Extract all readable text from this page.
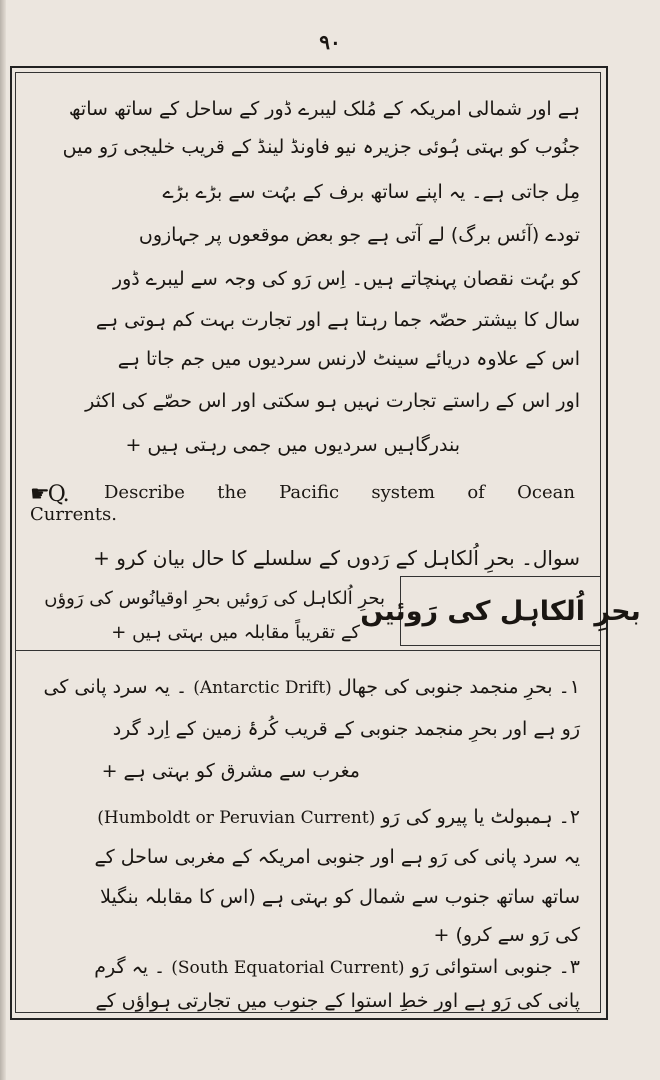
۹۰
ہے اور شمالی امریکہ کے مُلک لیبرے ڈور کے ساحل کے ساتھ ساتھ
جنُوب کو بہتی ہُوئی جزیرہ نیو فاونڈ لینڈ کے قریب خلیجی رَو میں
مِل جاتی ہے۔ یہ اپنے ساتھ برف کے بہُت سے بڑے بڑے
تودے (آئس برگ) لے آتی ہے جو بعض موقعوں پر جہازوں
کو بہُت نقصان پہنچاتے ہیں۔ اِس رَو کی وجہ سے لیبرے ڈور
سال کا بیشتر حصّہ جما رہتا ہے اور تجارت بہت کم ہوتی ہے
اس کے علاوہ دریائے سینٹ لارنس سردیوں میں جم جاتا ہے
اور اس کے راستے تجارت نہیں ہو سکتی اور اس حصّے کی اکثر
بندرگاہیں سردیوں میں جمی رہتی ہیں +
☛Q. Describe the Pacific system of Ocean
Currents.
سوال۔ بحرِ اُلکاہل کے رَدوں کے سلسلے کا حال بیان کرو +
بحرِ اُلکاہل کی رَوئیں
بحرِ اُلکاہل کی رَوئیں بحرِ اوقیانُوس کی رَوؤں
کے تقریباً مقابلہ میں بہتی ہیں +
۱۔ بحرِ منجمد جنوبی کی جھال (Antarctic Drift) ۔ یہ سرد پانی کی
رَو ہے اور بحرِ منجمد جنوبی کے قریب کُرۂ زمین کے اِرد گرد
مغرب سے مشرق کو بہتی ہے +
۲۔ ہمبولٹ یا پیرو کی رَو (Humboldt or Peruvian Current)
یہ سرد پانی کی رَو ہے اور جنوبی امریکہ کے مغربی ساحل کے
ساتھ ساتھ جنوب سے شمال کو بہتی ہے (اس کا مقابلہ بنگیلا
کی رَو سے کرو) +
۳۔ جنوبی استوائی رَو (South Equatorial Current) ۔ یہ گرم
پانی کی رَو ہے اور خطِ استوا کے جنوب میں تجارتی ہواؤں کے
